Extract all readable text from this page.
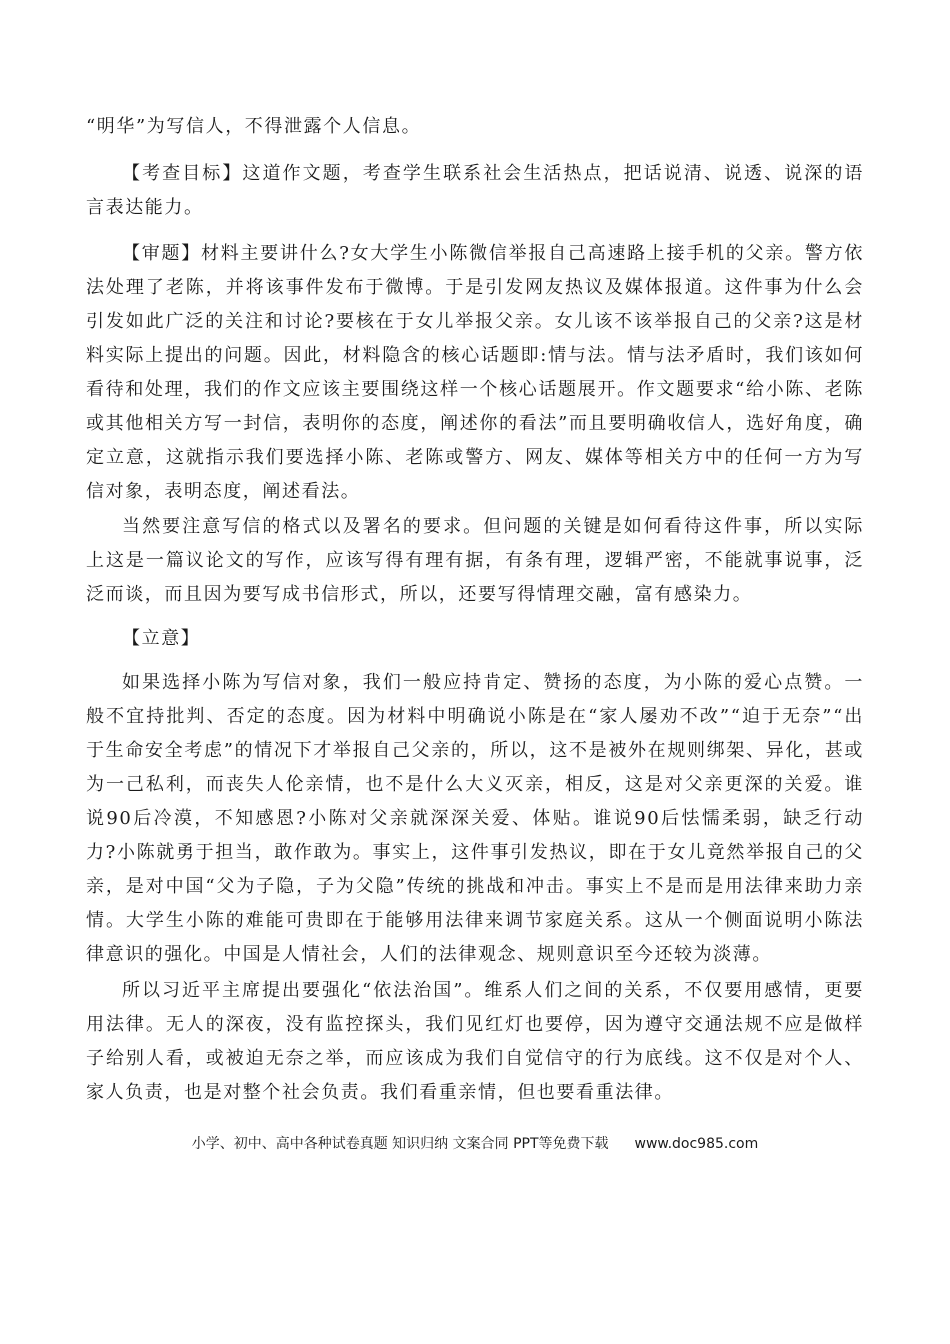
“明华”为写信人，不得泄露个人信息。

【考查目标】这道作文题，考查学生联系社会生活热点，把话说清、说透、说深的语言表达能力。

【审题】材料主要讲什么?女大学生小陈微信举报自己高速路上接手机的父亲。警方依法处理了老陈，并将该事件发布于微博。于是引发网友热议及媒体报道。这件事为什么会引发如此广泛的关注和讨论?要核在于女儿举报父亲。女儿该不该举报自己的父亲?这是材料实际上提出的问题。因此，材料隐含的核心话题即:情与法。情与法矛盾时，我们该如何看待和处理，我们的作文应该主要围绕这样一个核心话题展开。作文题要求“给小陈、老陈或其他相关方写一封信，表明你的态度，阐述你的看法”而且要明确收信人，选好角度，确定立意，这就指示我们要选择小陈、老陈或警方、网友、媒体等相关方中的任何一方为写信对象，表明态度，阐述看法。

当然要注意写信的格式以及署名的要求。但问题的关键是如何看待这件事，所以实际上这是一篇议论文的写作，应该写得有理有据，有条有理，逻辑严密，不能就事说事，泛泛而谈，而且因为要写成书信形式，所以，还要写得情理交融，富有感染力。

【立意】

如果选择小陈为写信对象，我们一般应持肯定、赞扬的态度，为小陈的爱心点赞。一般不宜持批判、否定的态度。因为材料中明确说小陈是在“家人屡劝不改”“迫于无奈”“出于生命安全考虑”的情况下才举报自己父亲的，所以，这不是被外在规则绑架、异化，甚或为一己私利，而丧失人伦亲情，也不是什么大义灭亲，相反，这是对父亲更深的关爱。谁说90后冷漠，不知感恩?小陈对父亲就深深关爱、体贴。谁说90后怯懦柔弱，缺乏行动力?小陈就勇于担当，敢作敢为。事实上，这件事引发热议，即在于女儿竟然举报自己的父亲，是对中国“父为子隐，子为父隐”传统的挑战和冲击。事实上不是而是用法律来助力亲情。大学生小陈的难能可贵即在于能够用法律来调节家庭关系。这从一个侧面说明小陈法律意识的强化。中国是人情社会，人们的法律观念、规则意识至今还较为淡薄。

所以习近平主席提出要强化“依法治国”。维系人们之间的关系，不仅要用感情，更要用法律。无人的深夜，没有监控探头，我们见红灯也要停，因为遵守交通法规不应是做样子给别人看，或被迫无奈之举，而应该成为我们自觉信守的行为底线。这不仅是对个人、家人负责，也是对整个社会负责。我们看重亲情，但也要看重法律。

小学、初中、高中各种试卷真题 知识归纳 文案合同 PPT等免费下载 www.doc985.com
